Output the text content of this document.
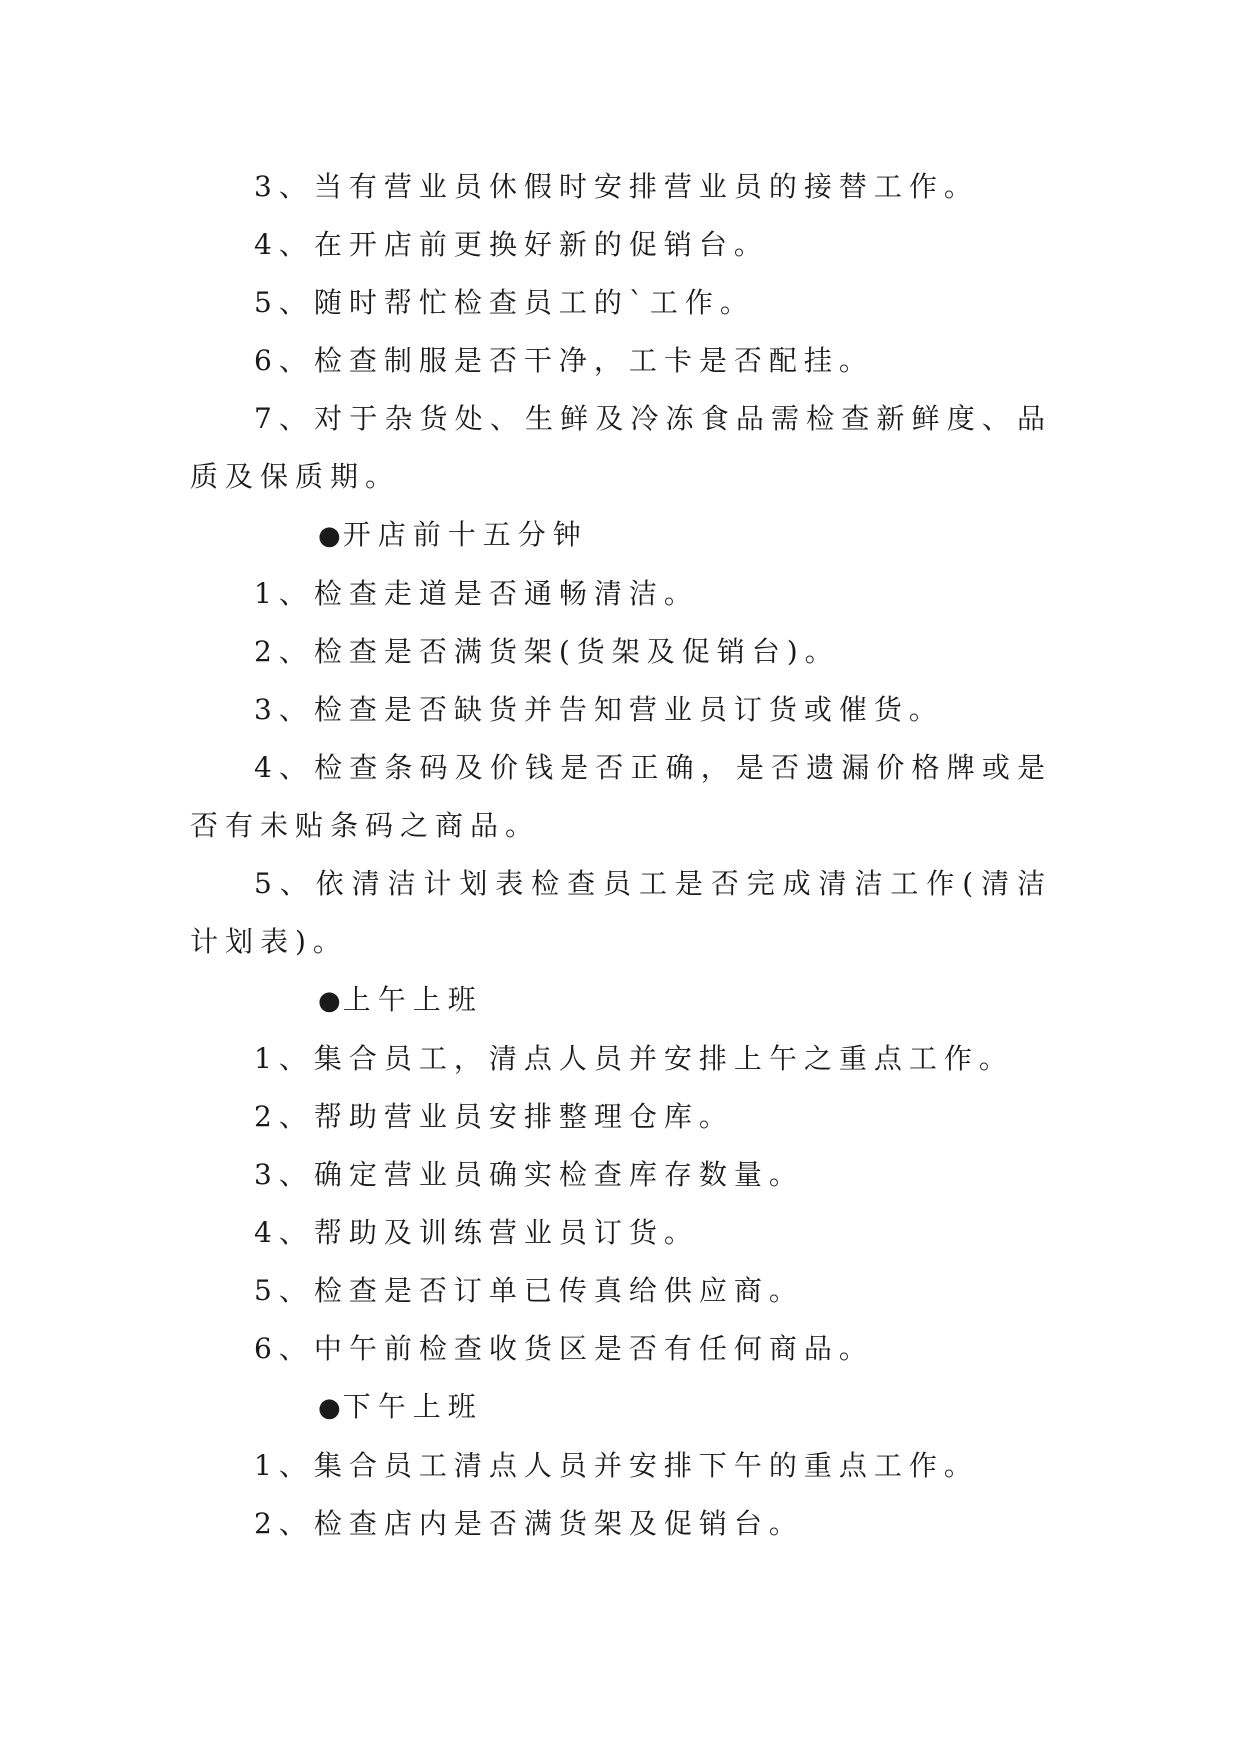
3、当有营业员休假时安排营业员的接替工作。

4、在开店前更换好新的促销台。

5、随时帮忙检查员工的`工作。

6、检查制服是否干净，工卡是否配挂。

7、对于杂货处、生鲜及冷冻食品需检查新鲜度、品质及保质期。

●开店前十五分钟

1、检查走道是否通畅清洁。

2、检查是否满货架(货架及促销台)。

3、检查是否缺货并告知营业员订货或催货。

4、检查条码及价钱是否正确，是否遗漏价格牌或是否有未贴条码之商品。

5、依清洁计划表检查员工是否完成清洁工作(清洁计划表)。

●上午上班

1、集合员工，清点人员并安排上午之重点工作。

2、帮助营业员安排整理仓库。

3、确定营业员确实检查库存数量。

4、帮助及训练营业员订货。

5、检查是否订单已传真给供应商。

6、中午前检查收货区是否有任何商品。

●下午上班

1、集合员工清点人员并安排下午的重点工作。

2、检查店内是否满货架及促销台。
